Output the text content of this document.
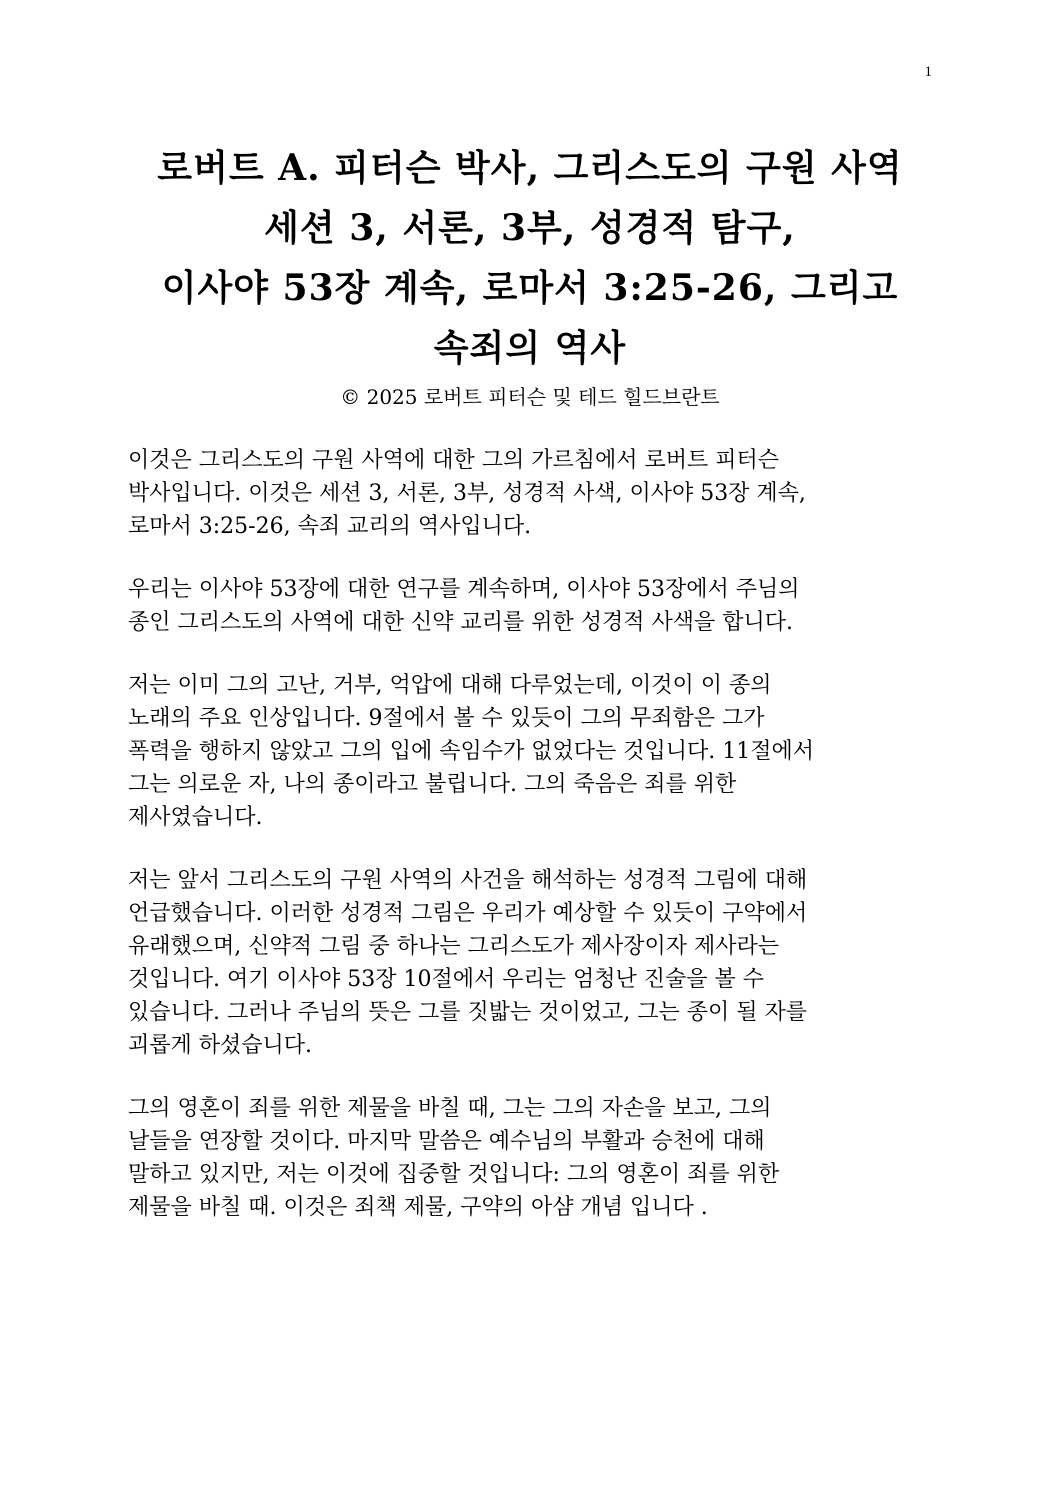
1
로버트 A. 피터슨 박사, 그리스도의 구원 사역
세션 3, 서론, 3부, 성경적 탐구,
이사야 53장 계속, 로마서 3:25-26, 그리고
속죄의 역사
© 2025 로버트 피터슨 및 테드 힐드브란트
이것은 그리스도의 구원 사역에 대한 그의 가르침에서 로버트 피터슨
박사입니다. 이것은 세션 3, 서론, 3부, 성경적 사색, 이사야 53장 계속,
로마서 3:25-26, 속죄 교리의 역사입니다.
우리는 이사야 53장에 대한 연구를 계속하며, 이사야 53장에서 주님의
종인 그리스도의 사역에 대한 신약 교리를 위한 성경적 사색을 합니다.
저는 이미 그의 고난, 거부, 억압에 대해 다루었는데, 이것이 이 종의
노래의 주요 인상입니다. 9절에서 볼 수 있듯이 그의 무죄함은 그가
폭력을 행하지 않았고 그의 입에 속임수가 없었다는 것입니다. 11절에서
그는 의로운 자, 나의 종이라고 불립니다. 그의 죽음은 죄를 위한
제사였습니다.
저는 앞서 그리스도의 구원 사역의 사건을 해석하는 성경적 그림에 대해
언급했습니다. 이러한 성경적 그림은 우리가 예상할 수 있듯이 구약에서
유래했으며, 신약적 그림 중 하나는 그리스도가 제사장이자 제사라는
것입니다. 여기 이사야 53장 10절에서 우리는 엄청난 진술을 볼 수
있습니다. 그러나 주님의 뜻은 그를 짓밟는 것이었고, 그는 종이 될 자를
괴롭게 하셨습니다.
그의 영혼이 죄를 위한 제물을 바칠 때, 그는 그의 자손을 보고, 그의
날들을 연장할 것이다. 마지막 말씀은 예수님의 부활과 승천에 대해
말하고 있지만, 저는 이것에 집중할 것입니다: 그의 영혼이 죄를 위한
제물을 바칠 때. 이것은 죄책 제물, 구약의 아샴 개념 입니다 .
